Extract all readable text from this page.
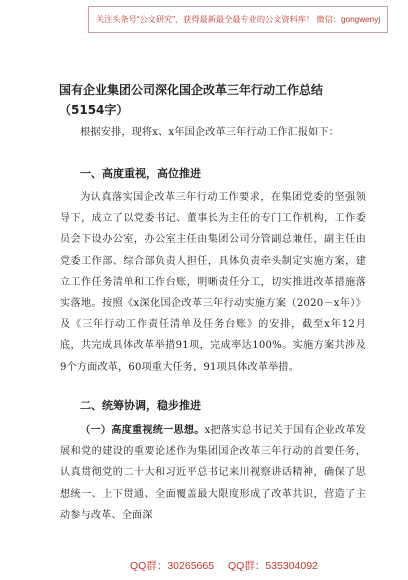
关注头条号“公文研究”，获得最新最全最专业的公文资料库！ 微信：gongwenyj
国有企业集团公司深化国企改革三年行动工作总结（5154字）
根据安排，现将x、x年国企改革三年行动工作汇报如下：
一、高度重视，高位推进
为认真落实国企改革三年行动工作要求，在集团党委的坚强领导下，成立了以党委书记、董事长为主任的专门工作机构，工作委员会下设办公室，办公室主任由集团公司分管副总兼任，副主任由党委工作部、综合部负责人担任，具体负责牵头制定实施方案，建立工作任务清单和工作台账，明晰责任分工，切实推进改革措施落实落地。按照《x深化国企改革三年行动实施方案（2020－x年）》及《三年行动工作责任清单及任务台账》的安排，截至x年12月底，共完成具体改革举措91项，完成率达100%。实施方案共涉及9个方面改革，60项重大任务，91项具体改革举措。
二、统筹协调，稳步推进
（一）高度重视统一思想。x把落实总书记关于国有企业改革发展和党的建设的重要论述作为集团国企改革三年行动的首要任务，认真贯彻党的二十大和习近平总书记来川视察讲话精神，确保了思想统一、上下贯通、全面覆盖最大限度形成了改革共识，营造了主动参与改革、全面深
QQ群：30265665 QQ群：535304092
